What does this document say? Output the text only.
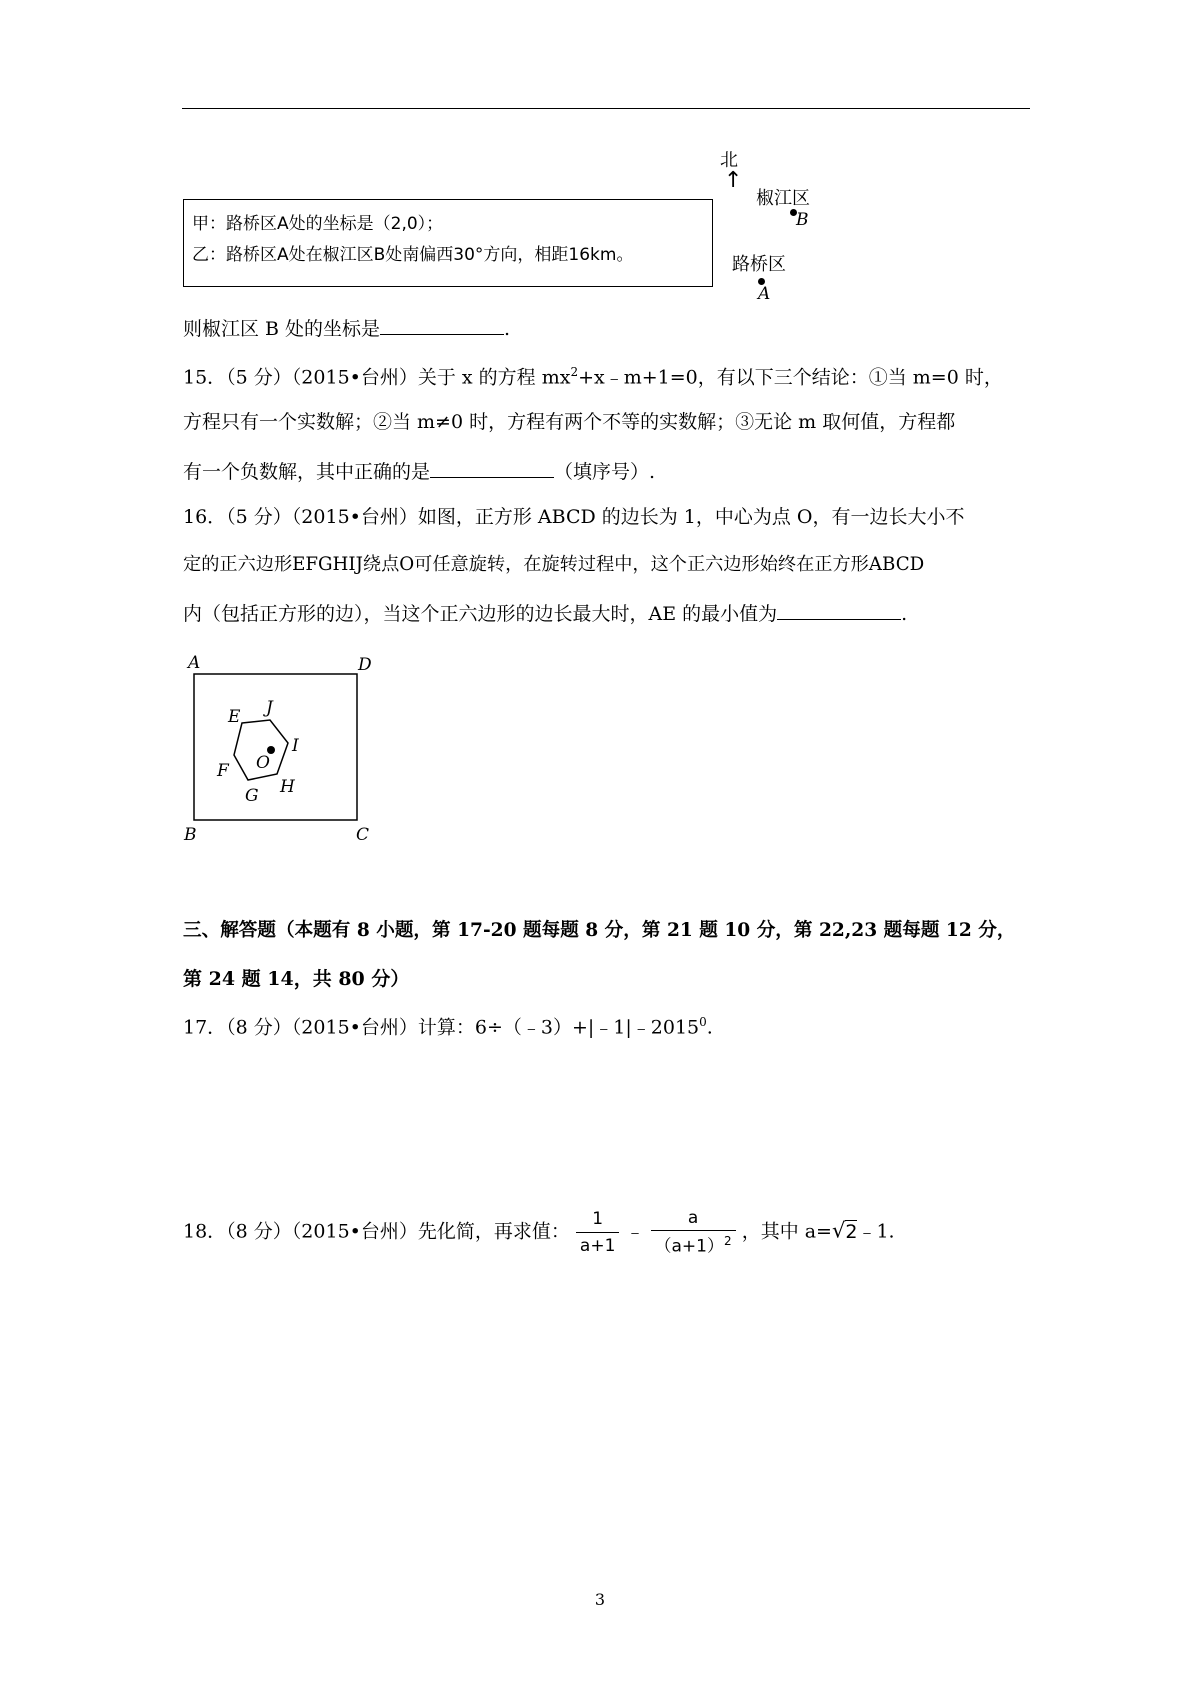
甲：路桥区A处的坐标是（2,0）；
乙：路桥区A处在椒江区B处南偏西30°方向，相距16km。
北
↑
椒江区
B
路桥区
A
则椒江区 B 处的坐标是	.
15．（5 分）（2015•台州）关于 x 的方程 $mx^2+x﹣m+1=0$，有以下三个结论：①当 m=0 时，
方程只有一个实数解；②当 m≠0 时，方程有两个不等的实数解；③无论 m 取何值，方程都
有一个负数解，其中正确的是	（填序号）.
16．（5 分）（2015•台州）如图，正方形 ABCD 的边长为 1，中心为点 O，有一边长大小不
定的正六边形EFGHIJ绕点O可任意旋转，在旋转过程中，这个正六边形始终在正方形ABCD
内（包括正方形的边），当这个正六边形的边长最大时，AE 的最小值为	.
A	D
B	C
E J
I
F O
H
G
三、解答题（本题有 8 小题，第 17-20 题每题 8 分，第 21 题 10 分，第 22,23 题每题 12 分，
第 24 题 14，共 80 分）
17．（8 分）（2015•台州）计算：$6\div(﹣3)+|﹣1|﹣2015^0$.
18．（8 分）（2015•台州）先化简，再求值： $\frac{1}{a+1}$ ﹣ $\frac{a}{(a+1)^2}$ ，其中 a=√2﹣1.
3
